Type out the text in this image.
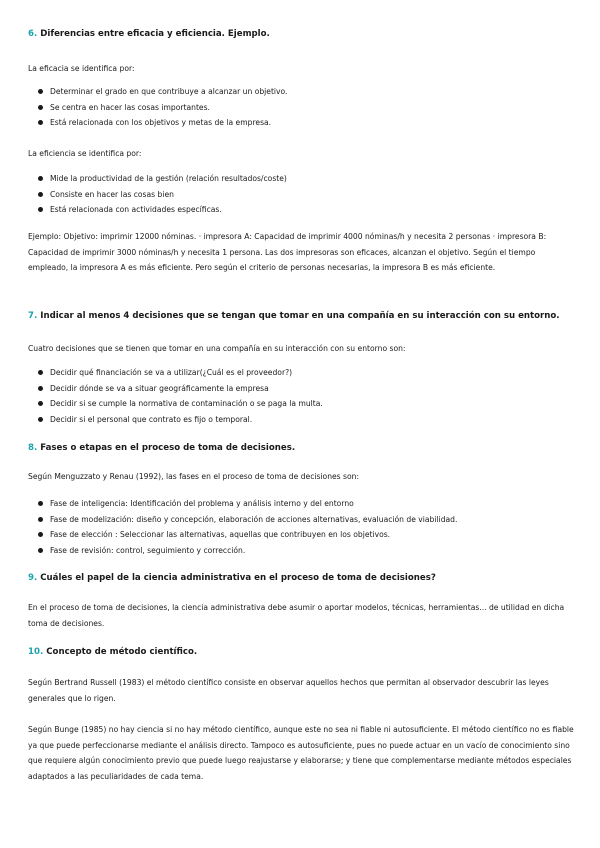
6. Diferencias entre eficacia y eficiencia. Ejemplo.

La eficacia se identifica por:

Determinar el grado en que contribuye a alcanzar un objetivo.
Se centra en hacer las cosas importantes.
Está relacionada con los objetivos y metas de la empresa.

La eficiencia se identifica por:

Mide la productividad de la gestión (relación resultados/coste)
Consiste en hacer las cosas bien
Está relacionada con actividades específicas.

Ejemplo: Objetivo: imprimir 12000 nóminas. · impresora A: Capacidad de imprimir 4000 nóminas/h y necesita 2 personas · impresora B: Capacidad de imprimir 3000 nóminas/h y necesita 1 persona. Las dos impresoras son eficaces, alcanzan el objetivo. Según el tiempo empleado, la impresora A es más eficiente. Pero según el criterio de personas necesarias, la impresora B es más eficiente.

7. Indicar al menos 4 decisiones que se tengan que tomar en una compañía en su interacción con su entorno.

Cuatro decisiones que se tienen que tomar en una compañía en su interacción con su entorno son:

Decidir qué financiación se va a utilizar(¿Cuál es el proveedor?)
Decidir dónde se va a situar geográficamente la empresa
Decidir si se cumple la normativa de contaminación o se paga la multa.
Decidir si el personal que contrato es fijo o temporal.
8. Fases o etapas en el proceso de toma de decisiones.

Según Menguzzato y Renau (1992), las fases en el proceso de toma de decisiones son:

Fase de inteligencia: Identificación del problema y análisis interno y del entorno
Fase de modelización: diseño y concepción, elaboración de acciones alternativas, evaluación de viabilidad.
Fase de elección : Seleccionar las alternativas, aquellas que contribuyen en los objetivos.
Fase de revisión: control, seguimiento y corrección.
9. Cuáles el papel de la ciencia administrativa en el proceso de toma de decisiones?

En el proceso de toma de decisiones, la ciencia administrativa debe asumir o aportar modelos, técnicas, herramientas... de utilidad en dicha toma de decisiones.

10. Concepto de método científico.

Según Bertrand Russell (1983) el método científico consiste en observar aquellos hechos que permitan al observador descubrir las leyes generales que lo rigen.

Según Bunge (1985) no hay ciencia si no hay método científico, aunque este no sea ni fiable ni autosuficiente. El método científico no es fiable ya que puede perfeccionarse mediante el análisis directo. Tampoco es autosuficiente, pues no puede actuar en un vacío de conocimiento sino que requiere algún conocimiento previo que puede luego reajustarse y elaborarse; y tiene que complementarse mediante métodos especiales adaptados a las peculiaridades de cada tema.
